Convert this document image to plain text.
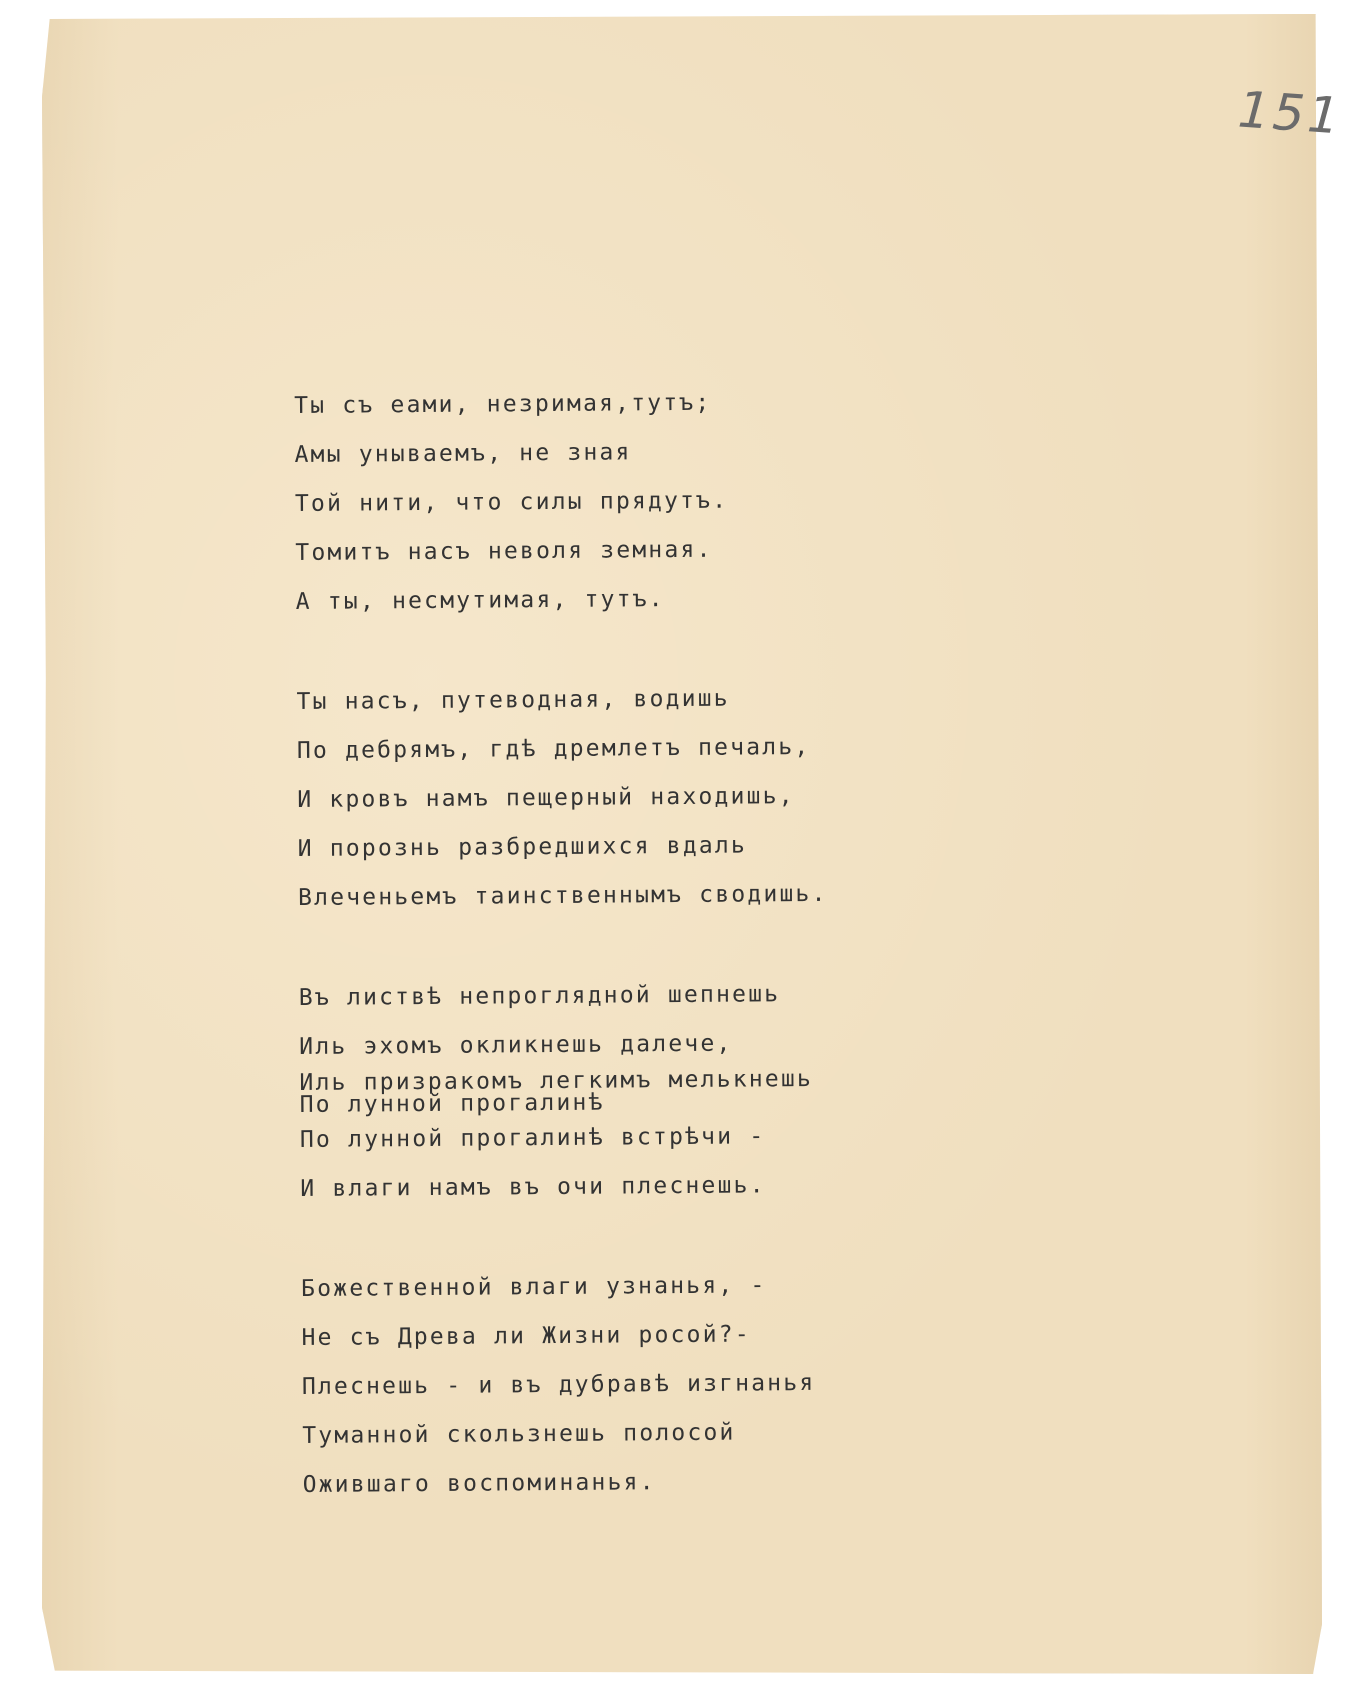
151
Ты съ еами, незримая,тутъ;
Амы унываемъ, не зная
Той нити, что силы прядутъ.
Томитъ насъ неволя земная.
А ты, несмутимая, тутъ.
Ты насъ, путеводная, водишь
По дебрямъ, гдѣ дремлетъ печаль,
И кровъ намъ пещерный находишь,
И порознь разбредшихся вдаль
Влеченьемъ таинственнымъ сводишь.
Въ листвѣ непроглядной шепнешь
Иль эхомъ окликнешь далече,
Иль призракомъ легкимъ мелькнешь
По лунной прогалинѣ
По лунной прогалинѣ встрѣчи -
И влаги намъ въ очи плеснешь.
Божественной влаги узнанья, -
Не съ Древа ли Жизни росой?-
Плеснешь - и въ дубравѣ изгнанья
Туманной скользнешь полосой
Ожившаго воспоминанья.
